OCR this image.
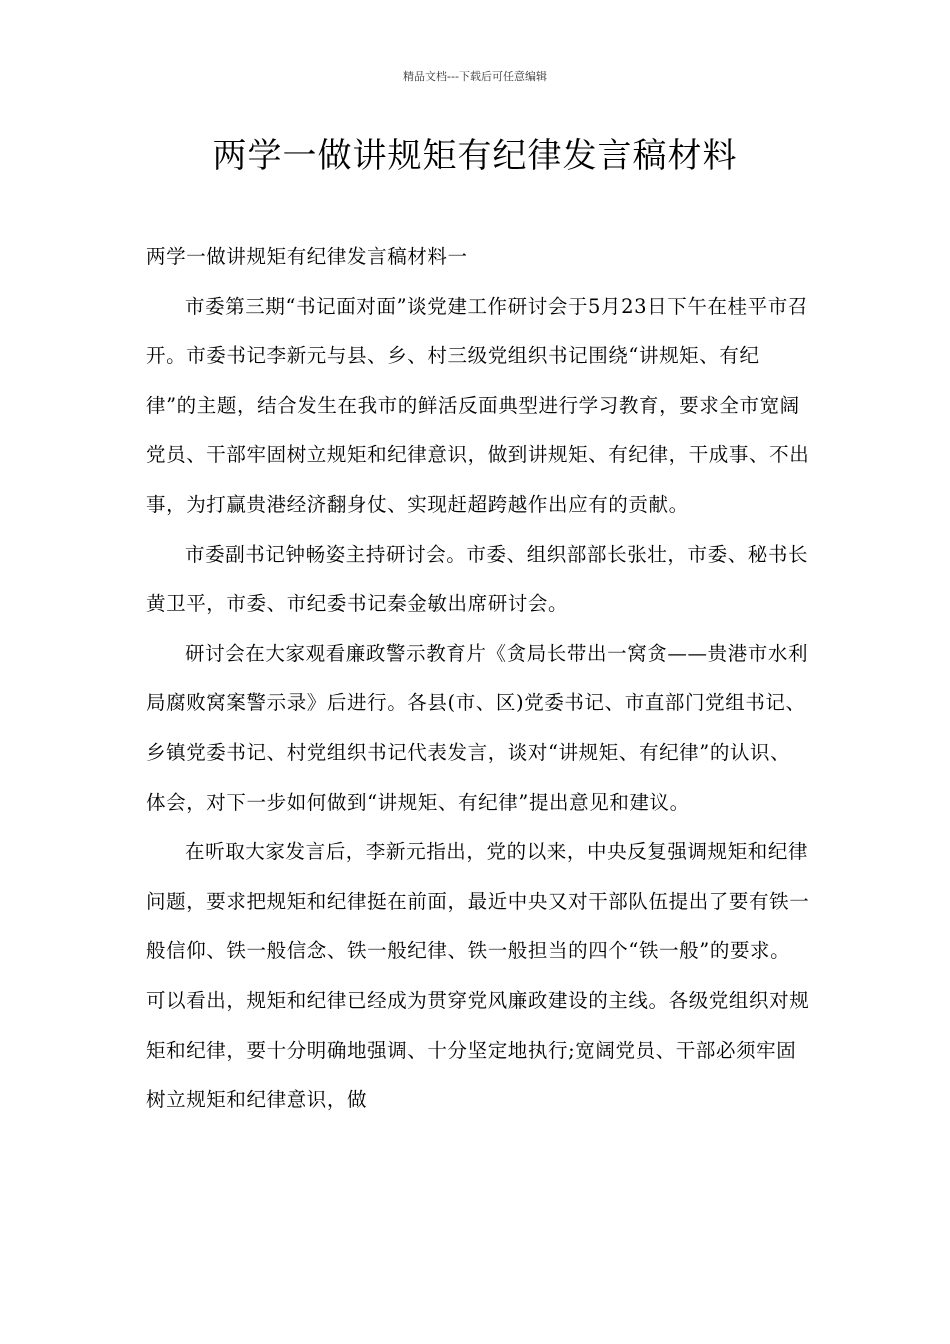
精品文档---下载后可任意编辑
两学一做讲规矩有纪律发言稿材料

两学一做讲规矩有纪律发言稿材料一

市委第三期“书记面对面”谈党建工作研讨会于5月23日下午在桂平市召开。市委书记李新元与县、乡、村三级党组织书记围绕“讲规矩、有纪律”的主题，结合发生在我市的鲜活反面典型进行学习教育，要求全市宽阔党员、干部牢固树立规矩和纪律意识，做到讲规矩、有纪律，干成事、不出事，为打赢贵港经济翻身仗、实现赶超跨越作出应有的贡献。

市委副书记钟畅姿主持研讨会。市委、组织部部长张壮，市委、秘书长黄卫平，市委、市纪委书记秦金敏出席研讨会。

研讨会在大家观看廉政警示教育片《贪局长带出一窝贪——贵港市水利局腐败窝案警示录》后进行。各县(市、区)党委书记、市直部门党组书记、乡镇党委书记、村党组织书记代表发言，谈对“讲规矩、有纪律”的认识、体会，对下一步如何做到“讲规矩、有纪律”提出意见和建议。

在听取大家发言后，李新元指出，党的以来，中央反复强调规矩和纪律问题，要求把规矩和纪律挺在前面，最近中央又对干部队伍提出了要有铁一般信仰、铁一般信念、铁一般纪律、铁一般担当的四个“铁一般”的要求。可以看出，规矩和纪律已经成为贯穿党风廉政建设的主线。各级党组织对规矩和纪律，要十分明确地强调、十分坚定地执行;宽阔党员、干部必须牢固树立规矩和纪律意识，做
